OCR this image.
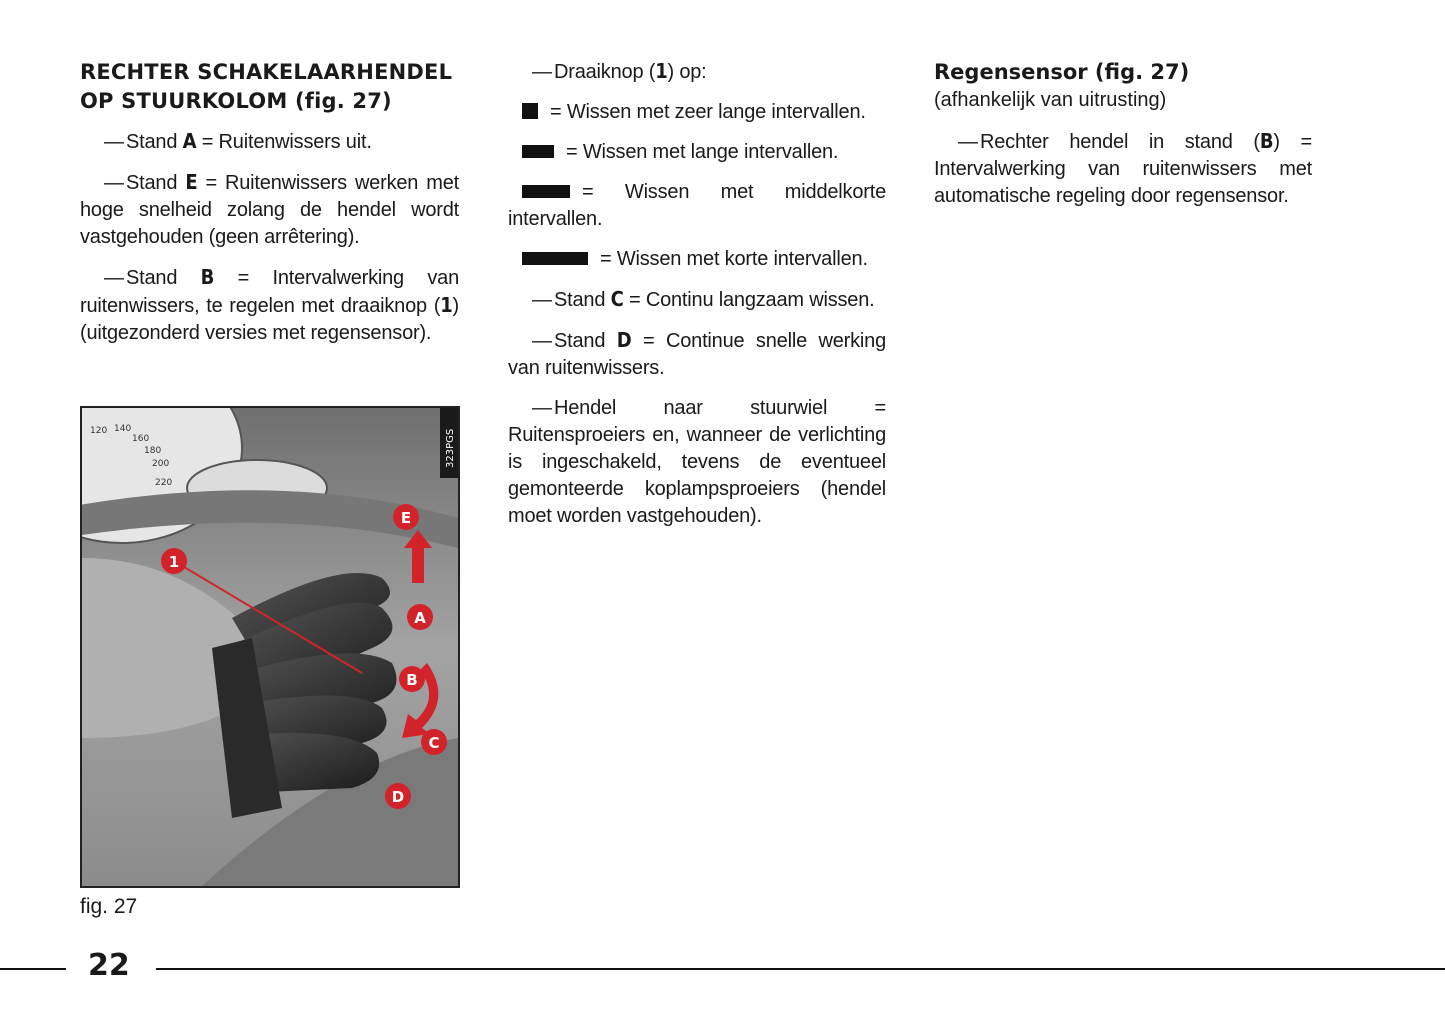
RECHTER SCHAKELAARHENDEL
OP STUURKOLOM (fig. 27)

— Stand A = Ruitenwissers uit.

— Stand E = Ruitenwissers werken met hoge snelheid zolang de hendel wordt vastgehouden (geen arrêtering).

— Stand B = Intervalwerking van ruitenwissers, te regelen met draaiknop (1) (uitgezonderd versies met regensensor).

120 140
160
180
200
220
1
E
A
B
C
D
323PGS

fig. 27

— Draaiknop (1) op:

= Wissen met zeer lange intervallen.

= Wissen met lange intervallen.

= Wissen met middelkorte intervallen.

= Wissen met korte intervallen.

— Stand C = Continu langzaam wissen.

— Stand D = Continue snelle werking van ruitenwissers.

— Hendel naar stuurwiel = Ruitensproeiers en, wanneer de verlichting is ingeschakeld, tevens de eventueel gemonteerde koplampsproeiers (hendel moet worden vastgehouden).

Regensensor (fig. 27)

(afhankelijk van uitrusting)

— Rechter hendel in stand (B) = Intervalwerking van ruitenwissers met automatische regeling door regensensor.

22
